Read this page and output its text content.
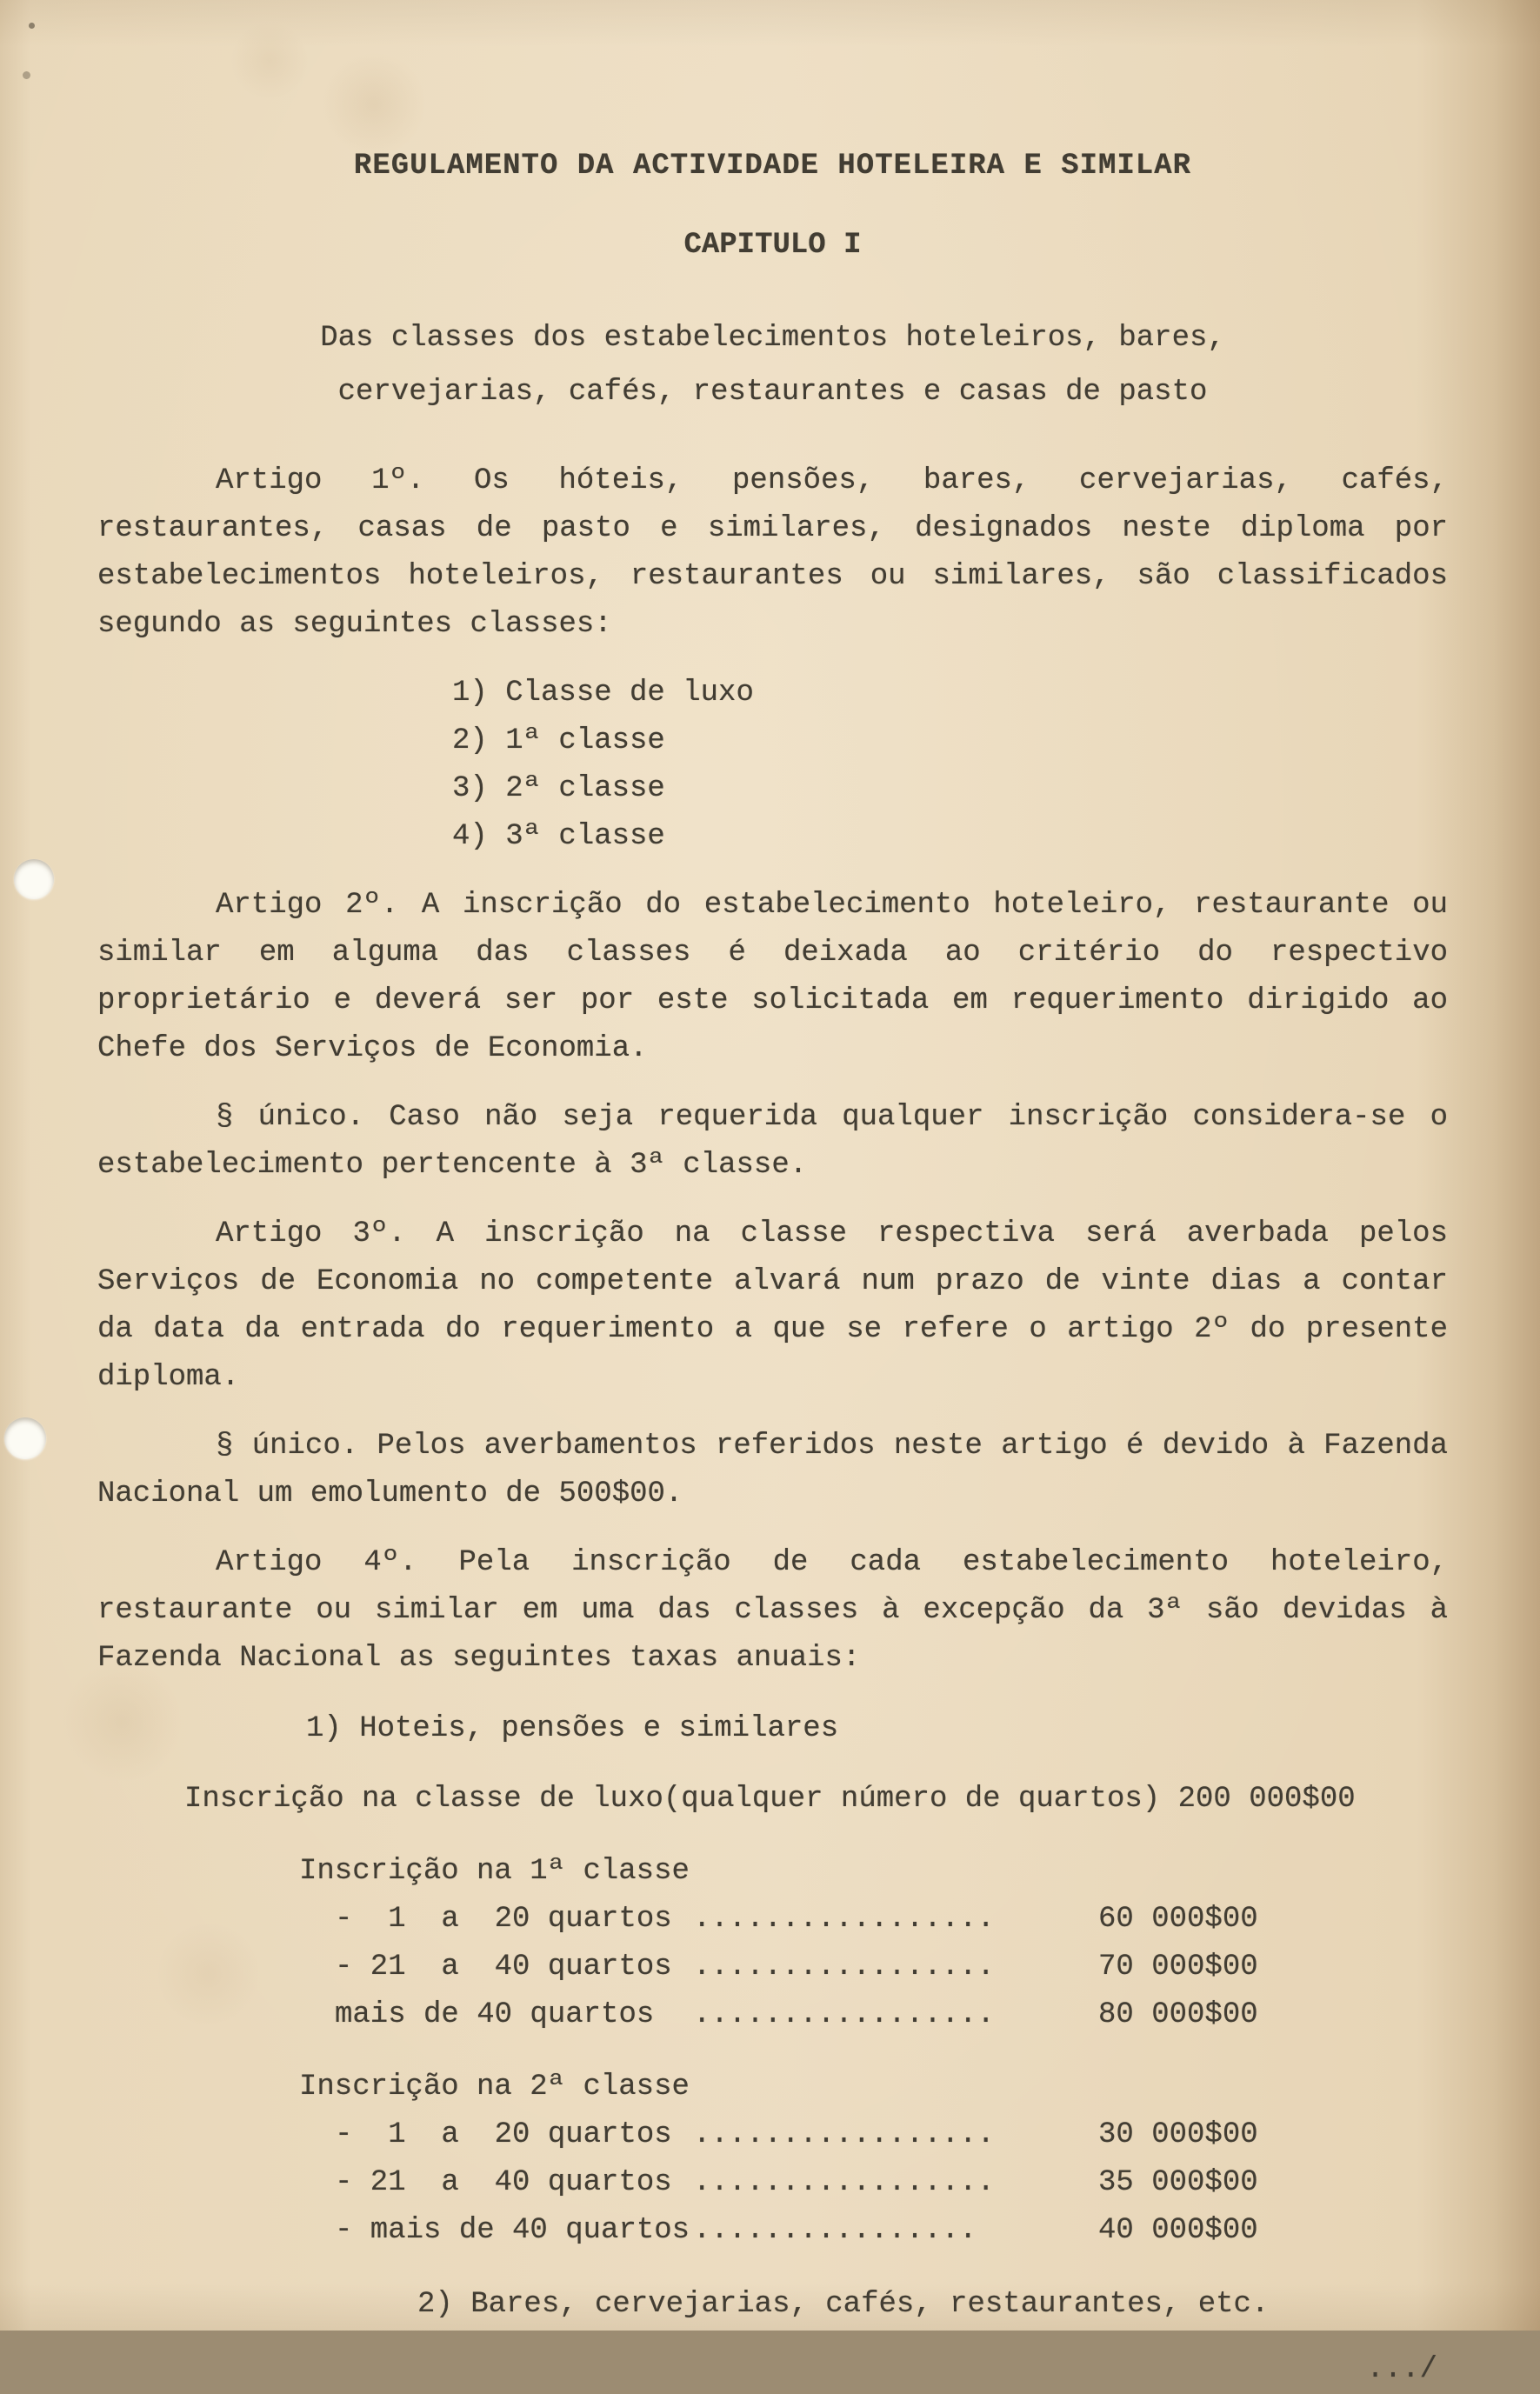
REGULAMENTO DA ACTIVIDADE HOTELEIRA E SIMILAR
CAPITULO I
Das classes dos estabelecimentos hoteleiros, bares,
cervejarias, cafés, restaurantes e casas de pasto
Artigo 1º. Os hóteis, pensões, bares, cervejarias, cafés, restaurantes, casas de pasto e similares, designados neste diploma por estabelecimentos hoteleiros, restaurantes ou similares, são classificados segundo as seguintes classes:
1) Classe de luxo
2) 1ª classe
3) 2ª classe
4) 3ª classe
Artigo 2º. A inscrição do estabelecimento hoteleiro, restaurante ou similar em alguma das classes é deixada ao critério do respectivo proprietário e deverá ser por este solicitada em requerimento dirigido ao Chefe dos Serviços de Economia.
§ único. Caso não seja requerida qualquer inscrição considera-se o estabelecimento pertencente à 3ª classe.
Artigo 3º. A inscrição na classe respectiva será averbada pelos Serviços de Economia no competente alvará num prazo de vinte dias a contar da data da entrada do requerimento a que se refere o artigo 2º do presente diploma.
§ único. Pelos averbamentos referidos neste artigo é devido à Fazenda Nacional um emolumento de 500$00.
Artigo 4º. Pela inscrição de cada estabelecimento hoteleiro, restaurante ou similar em uma das classes à excepção da 3ª são devidas à Fazenda Nacional as seguintes taxas anuais:
1) Hoteis, pensões e similares
Inscrição na classe de luxo(qualquer número de quartos) 200 000$00
Inscrição na 1ª classe
-  1  a  20 quartos .................	60 000$00
- 21  a  40 quartos .................	70 000$00
mais de 40 quartos	.................	80 000$00
Inscrição na 2ª classe
-  1  a  20 quartos .................	30 000$00
- 21  a  40 quartos .................	35 000$00
- mais de 40 quartos ................	40 000$00
2) Bares, cervejarias, cafés, restaurantes, etc.
.../
